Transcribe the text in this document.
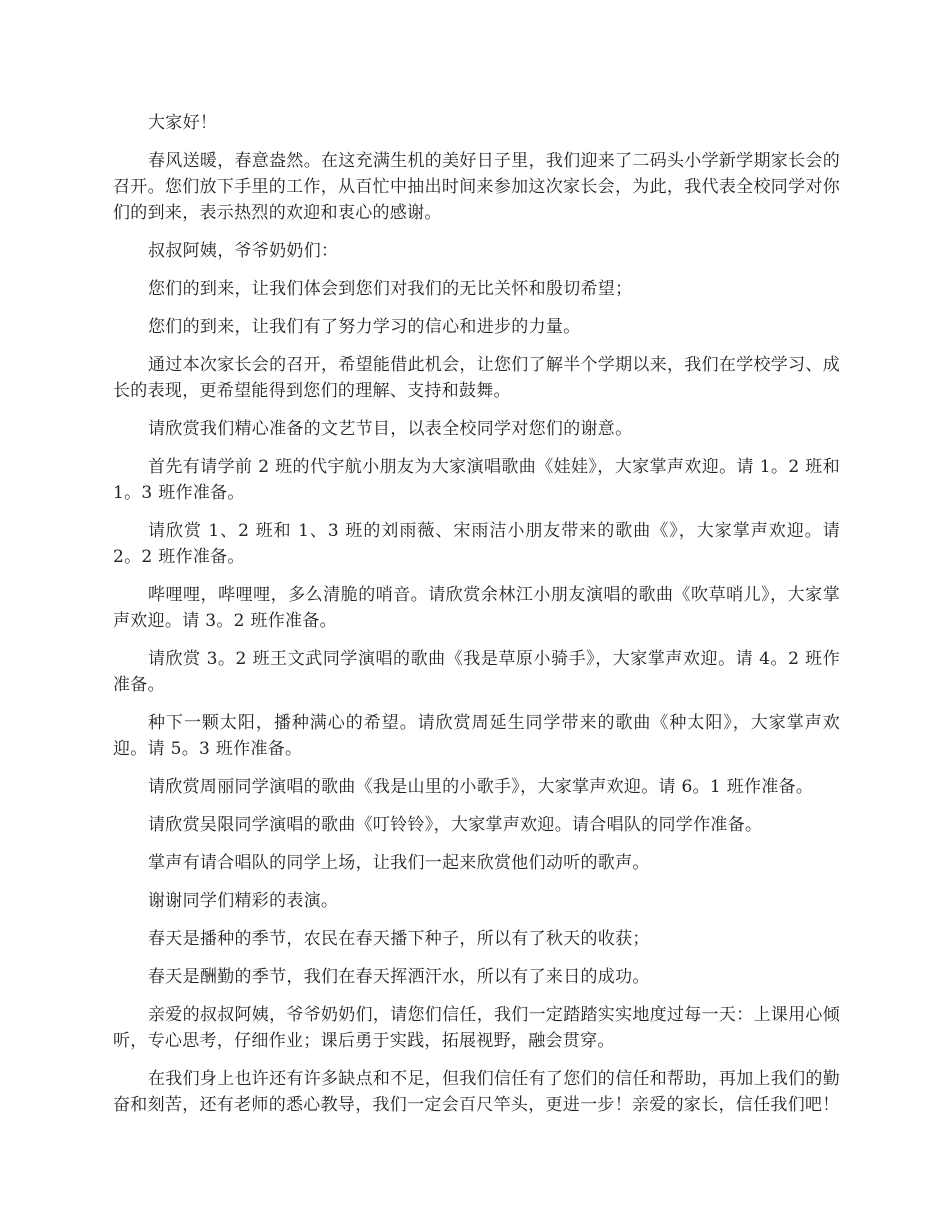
大家好！

春风送暖，春意盎然。在这充满生机的美好日子里，我们迎来了二码头小学新学期家长会的召开。您们放下手里的工作，从百忙中抽出时间来参加这次家长会，为此，我代表全校同学对你们的到来，表示热烈的欢迎和衷心的感谢。

叔叔阿姨，爷爷奶奶们：

您们的到来，让我们体会到您们对我们的无比关怀和殷切希望；

您们的到来，让我们有了努力学习的信心和进步的力量。

通过本次家长会的召开，希望能借此机会，让您们了解半个学期以来，我们在学校学习、成长的表现，更希望能得到您们的理解、支持和鼓舞。

请欣赏我们精心准备的文艺节目，以表全校同学对您们的谢意。

首先有请学前 2 班的代宇航小朋友为大家演唱歌曲《娃娃》，大家掌声欢迎。请 1。2 班和 1。3 班作准备。

请欣赏 1、2 班和 1、3 班的刘雨薇、宋雨洁小朋友带来的歌曲《》，大家掌声欢迎。请 2。2 班作准备。

哔哩哩，哔哩哩，多么清脆的哨音。请欣赏余林江小朋友演唱的歌曲《吹草哨儿》，大家掌声欢迎。请 3。2 班作准备。

请欣赏 3。2 班王文武同学演唱的歌曲《我是草原小骑手》，大家掌声欢迎。请 4。2 班作准备。

种下一颗太阳，播种满心的希望。请欣赏周延生同学带来的歌曲《种太阳》，大家掌声欢迎。请 5。3 班作准备。

请欣赏周丽同学演唱的歌曲《我是山里的小歌手》，大家掌声欢迎。请 6。1 班作准备。

请欣赏吴限同学演唱的歌曲《叮铃铃》，大家掌声欢迎。请合唱队的同学作准备。

掌声有请合唱队的同学上场，让我们一起来欣赏他们动听的歌声。

谢谢同学们精彩的表演。

春天是播种的季节，农民在春天播下种子，所以有了秋天的收获；

春天是酬勤的季节，我们在春天挥洒汗水，所以有了来日的成功。

亲爱的叔叔阿姨，爷爷奶奶们，请您们信任，我们一定踏踏实实地度过每一天：上课用心倾听，专心思考，仔细作业；课后勇于实践，拓展视野，融会贯穿。

在我们身上也许还有许多缺点和不足，但我们信任有了您们的信任和帮助，再加上我们的勤奋和刻苦，还有老师的悉心教导，我们一定会百尺竿头，更进一步！亲爱的家长，信任我们吧！
